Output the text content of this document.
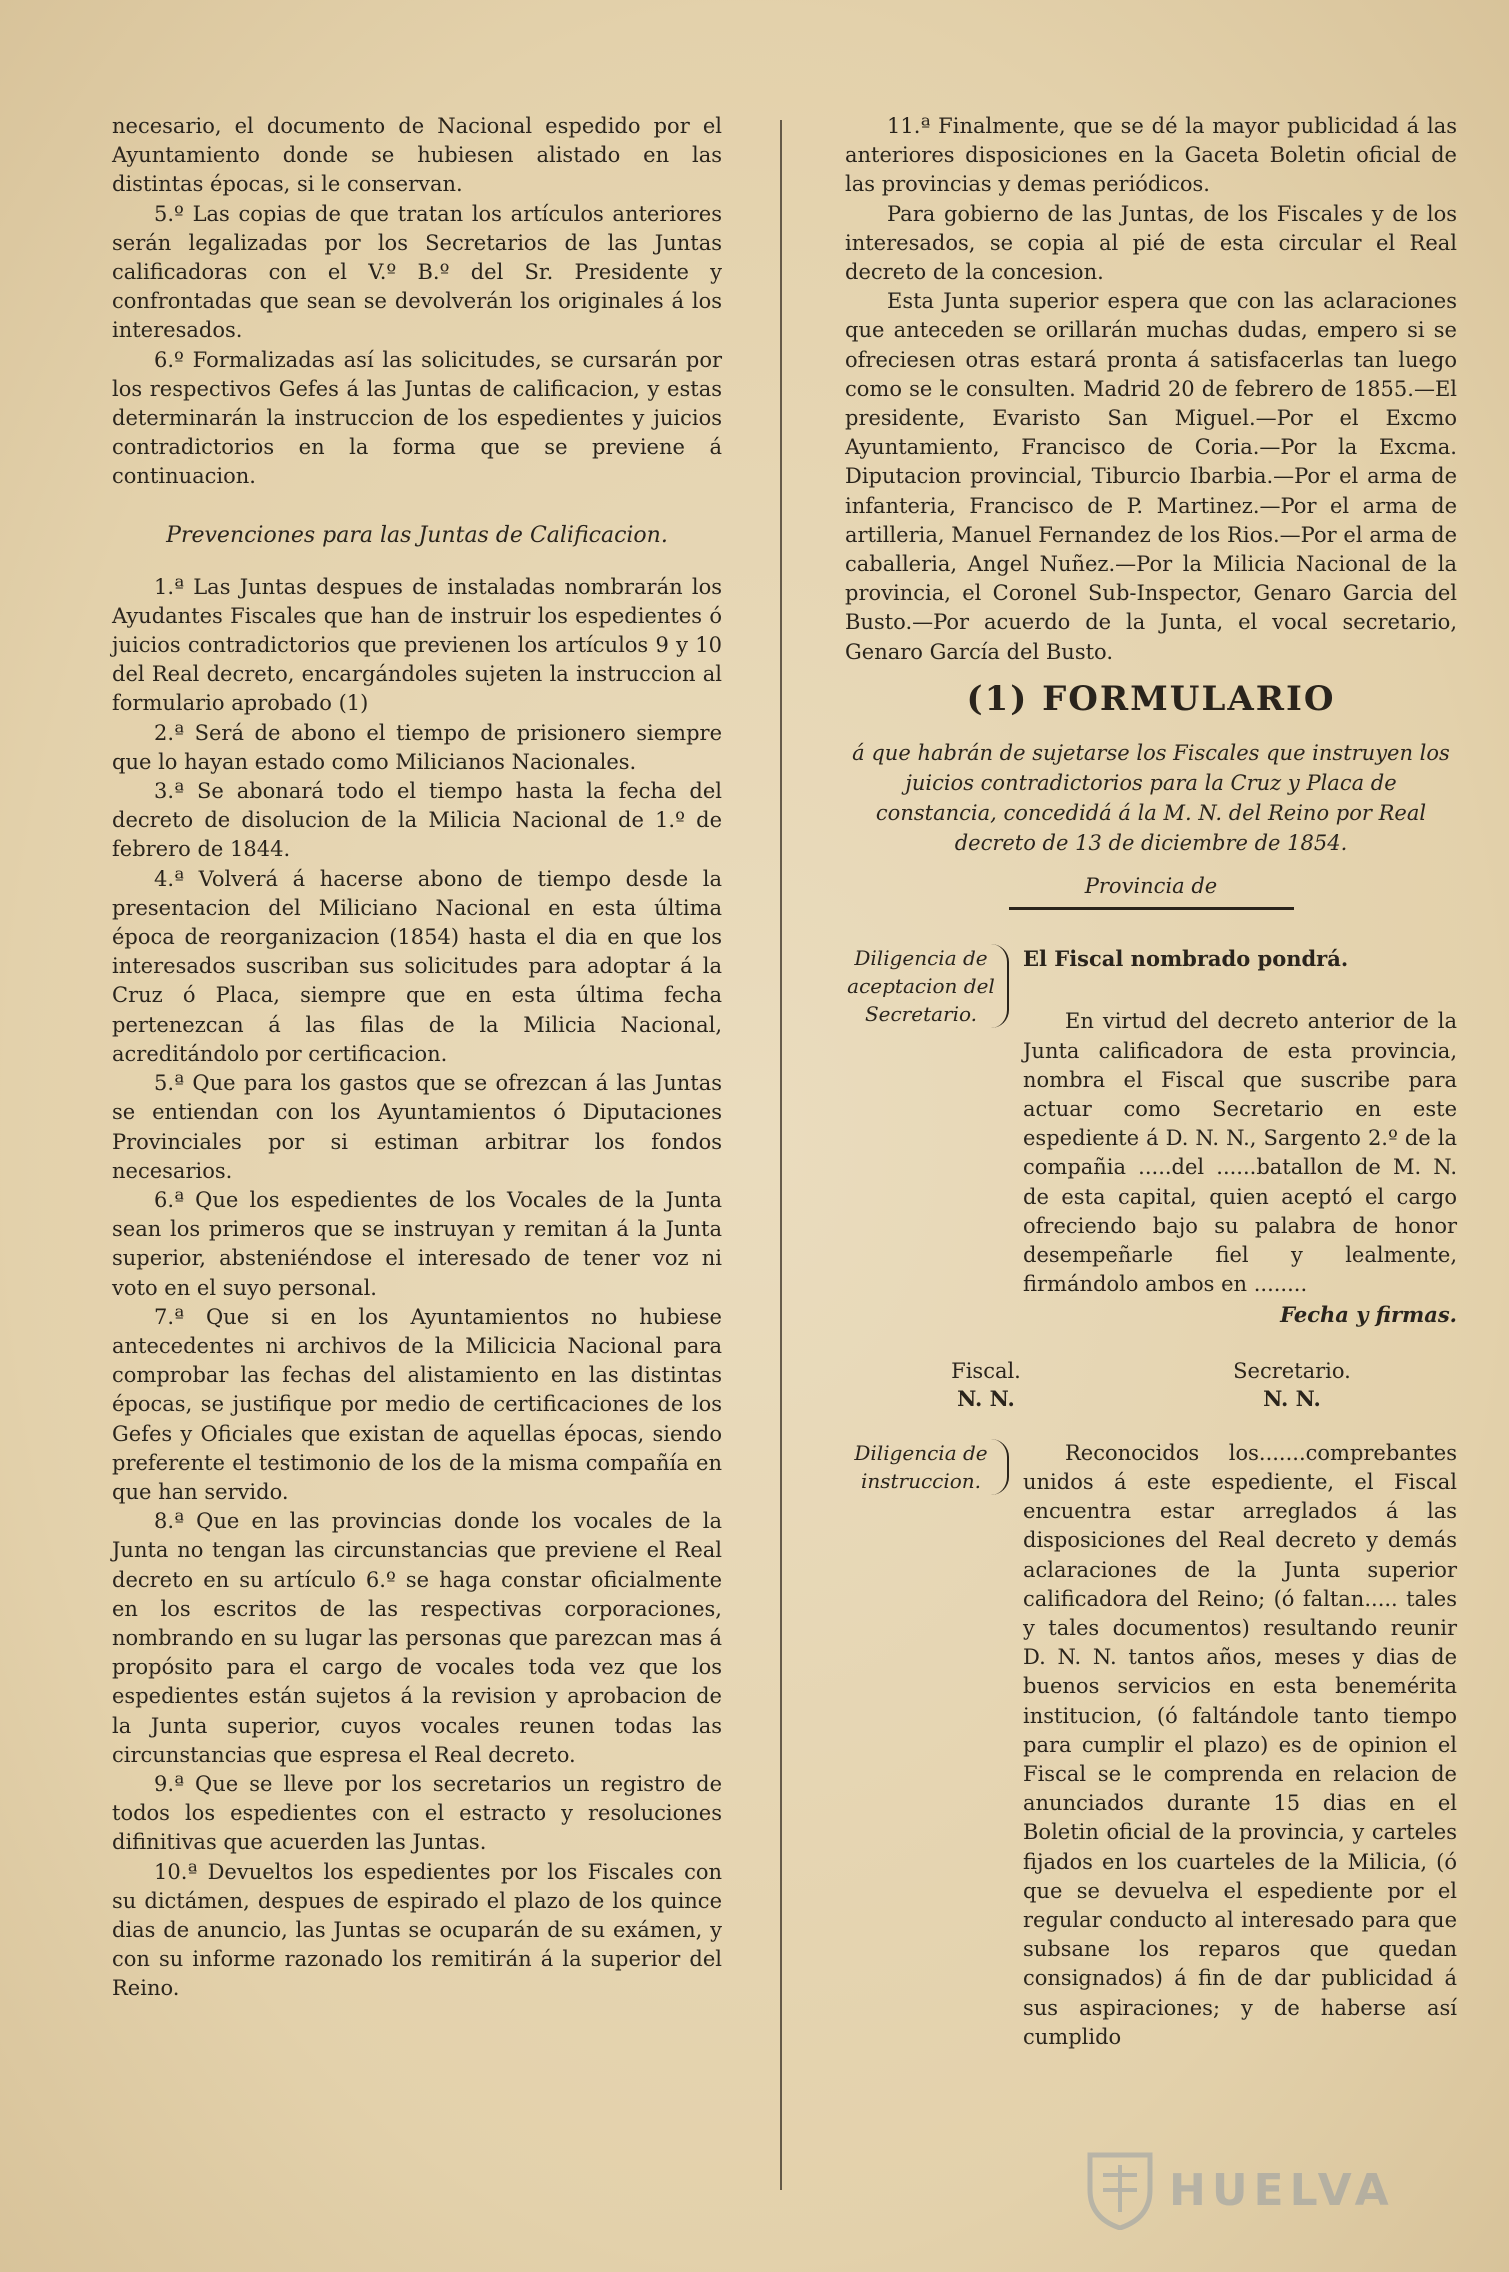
necesario, el documento de Nacional espedido por el Ayuntamiento donde se hubiesen alistado en las distintas épocas, si le conservan.

5.º Las copias de que tratan los artículos anteriores serán legalizadas por los Secretarios de las Juntas calificadoras con el V.º B.º del Sr. Presidente y confrontadas que sean se devolverán los originales á los interesados.

6.º Formalizadas así las solicitudes, se cursarán por los respectivos Gefes á las Juntas de calificacion, y estas determinarán la instruccion de los espedientes y juicios contradictorios en la forma que se previene á continuacion.

Prevenciones para las Juntas de Calificacion.

1.ª Las Juntas despues de instaladas nombrarán los Ayudantes Fiscales que han de instruir los espedientes ó juicios contradictorios que previenen los artículos 9 y 10 del Real decreto, encargándoles sujeten la instruccion al formulario aprobado (1)

2.ª Será de abono el tiempo de prisionero siempre que lo hayan estado como Milicianos Nacionales.

3.ª Se abonará todo el tiempo hasta la fecha del decreto de disolucion de la Milicia Nacional de 1.º de febrero de 1844.

4.ª Volverá á hacerse abono de tiempo desde la presentacion del Miliciano Nacional en esta última época de reorganizacion (1854) hasta el dia en que los interesados suscriban sus solicitudes para adoptar á la Cruz ó Placa, siempre que en esta última fecha pertenezcan á las filas de la Milicia Nacional, acreditándolo por certificacion.

5.ª Que para los gastos que se ofrezcan á las Juntas se entiendan con los Ayuntamientos ó Diputaciones Provinciales por si estiman arbitrar los fondos necesarios.

6.ª Que los espedientes de los Vocales de la Junta sean los primeros que se instruyan y remitan á la Junta superior, absteniéndose el interesado de tener voz ni voto en el suyo personal.

7.ª Que si en los Ayuntamientos no hubiese antecedentes ni archivos de la Milicicia Nacional para comprobar las fechas del alistamiento en las distintas épocas, se justifique por medio de certificaciones de los Gefes y Oficiales que existan de aquellas épocas, siendo preferente el testimonio de los de la misma compañía en que han servido.

8.ª Que en las provincias donde los vocales de la Junta no tengan las circunstancias que previene el Real decreto en su artículo 6.º se haga constar oficialmente en los escritos de las respectivas corporaciones, nombrando en su lugar las personas que parezcan mas á propósito para el cargo de vocales toda vez que los espedientes están sujetos á la revision y aprobacion de la Junta superior, cuyos vocales reunen todas las circunstancias que espresa el Real decreto.

9.ª Que se lleve por los secretarios un registro de todos los espedientes con el estracto y resoluciones difinitivas que acuerden las Juntas.

10.ª Devueltos los espedientes por los Fiscales con su dictámen, despues de espirado el plazo de los quince dias de anuncio, las Juntas se ocuparán de su exámen, y con su informe razonado los remitirán á la superior del Reino.

11.ª Finalmente, que se dé la mayor publicidad á las anteriores disposiciones en la Gaceta Boletin oficial de las provincias y demas periódicos.

Para gobierno de las Juntas, de los Fiscales y de los interesados, se copia al pié de esta circular el Real decreto de la concesion.

Esta Junta superior espera que con las aclaraciones que anteceden se orillarán muchas dudas, empero si se ofreciesen otras estará pronta á satisfacerlas tan luego como se le consulten. Madrid 20 de febrero de 1855.—El presidente, Evaristo San Miguel.—Por el Excmo Ayuntamiento, Francisco de Coria.—Por la Excma. Diputacion provincial, Tiburcio Ibarbia.—Por el arma de infanteria, Francisco de P. Martinez.—Por el arma de artilleria, Manuel Fernandez de los Rios.—Por el arma de caballeria, Angel Nuñez.—Por la Milicia Nacional de la provincia, el Coronel Sub-Inspector, Genaro Garcia del Busto.—Por acuerdo de la Junta, el vocal secretario, Genaro García del Busto.

(1) FORMULARIO
á que habrán de sujetarse los Fiscales que instruyen los juicios contradictorios para la Cruz y Placa de constancia, concedidá á la M. N. del Reino por Real decreto de 13 de diciembre de 1854.
Provincia de
Diligencia de aceptacion del Secretario.

El Fiscal nombrado pondrá.

En virtud del decreto anterior de la Junta calificadora de esta provincia, nombra el Fiscal que suscribe para actuar como Secretario en este espediente á D. N. N., Sargento 2.º de la compañia .....del ......batallon de M. N. de esta capital, quien aceptó el cargo ofreciendo bajo su palabra de honor desempeñarle fiel y lealmente, firmándolo ambos en ........

Fecha y firmas.

Fiscal.
N. N.
Secretario.
N. N.
Diligencia de instruccion.

Reconocidos los.......comprebantes unidos á este espediente, el Fiscal encuentra estar arreglados á las disposiciones del Real decreto y demás aclaraciones de la Junta superior calificadora del Reino; (ó faltan..... tales y tales documentos) resultando reunir D. N. N. tantos años, meses y dias de buenos servicios en esta benemérita institucion, (ó faltándole tanto tiempo para cumplir el plazo) es de opinion el Fiscal se le comprenda en relacion de anunciados durante 15 dias en el Boletin oficial de la provincia, y carteles fijados en los cuarteles de la Milicia, (ó que se devuelva el espediente por el regular conducto al interesado para que subsane los reparos que quedan consignados) á fin de dar publicidad á sus aspiraciones; y de haberse así cumplido

HUELVA
